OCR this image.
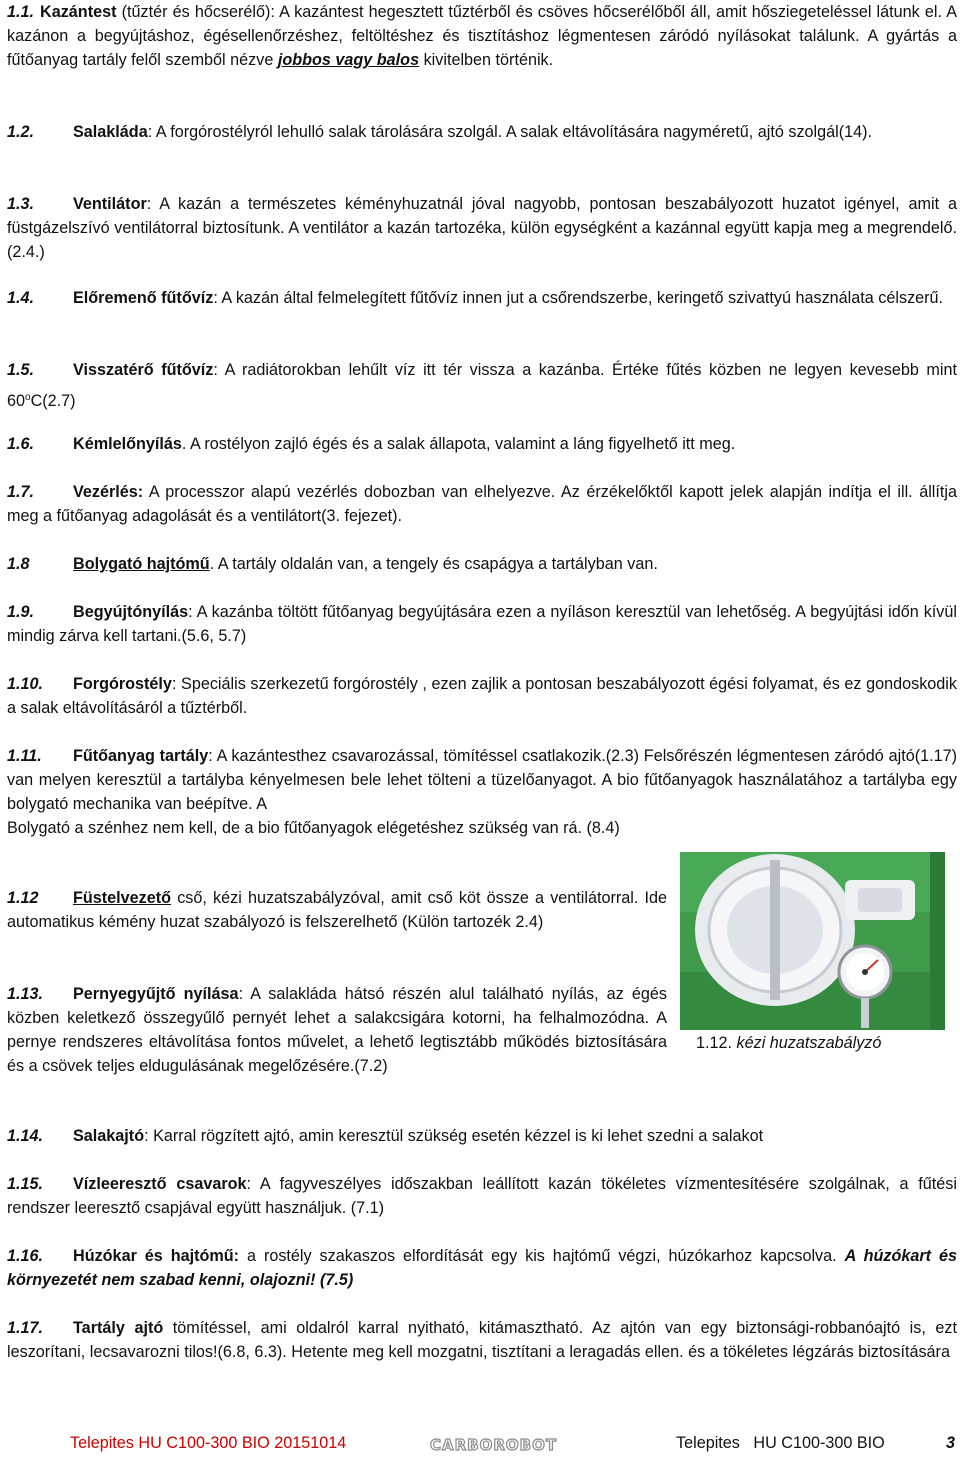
1.1. Kazántest (tűztér és hőcserélő): A kazántest hegesztett tűztérből és csöves hőcserélőből áll, amit hősziegeteléssel látunk el. A kazánon a begyújtáshoz, égésellenőrzéshez, feltöltéshez és tisztításhoz légmentesen záródó nyílásokat találunk. A gyártás a fűtőanyag tartály felől szemből nézve jobbos vagy balos kivitelben történik.
1.2. Salakláda: A forgórostélyról lehulló salak tárolására szolgál. A salak eltávolítására nagyméretű, ajtó szolgál(14).
1.3. Ventilátor: A kazán a természetes kéményhuzatnál jóval nagyobb, pontosan beszabályozott huzatot igényel, amit a füstgázelszívó ventilátorral biztosítunk. A ventilátor a kazán tartozéka, külön egységként a kazánnal együtt kapja meg a megrendelő.(2.4.)
1.4. Előremenő fűtővíz: A kazán által felmelegített fűtővíz innen jut a csőrendszerbe, keringető szivattyú használata célszerű.
1.5. Visszatérő fűtővíz: A radiátorokban lehűlt víz itt tér vissza a kazánba. Értéke fűtés közben ne legyen kevesebb mint 60$^o$C(2.7)
1.6. Kémlelőnyílás. A rostélyon zajló égés és a salak állapota, valamint a láng figyelhető itt meg.
1.7. Vezérlés: A processzor alapú vezérlés dobozban van elhelyezve. Az érzékelőktől kapott jelek alapján indítja el ill. állítja meg a fűtőanyag adagolását és a ventilátort(3. fejezet).
1.8	Bolygató hajtómű. A tartály oldalán van, a tengely és csapágya a tartályban van.
1.9. Begyújtónyílás: A kazánba töltött fűtőanyag begyújtására ezen a nyíláson keresztül van lehetőség. A begyújtási időn kívül mindig zárva kell tartani.(5.6, 5.7)
1.10. Forgórostély: Speciális szerkezetű forgórostély , ezen zajlik a pontosan beszabályozott égési folyamat, és ez gondoskodik a salak eltávolításáról a tűztérből.
1.11. Fűtőanyag tartály: A kazántesthez csavarozással, tömítéssel csatlakozik.(2.3) Felsőrészén légmentesen záródó ajtó(1.17) van melyen keresztül a tartályba kényelmesen bele lehet tölteni a tüzelőanyagot. A bio fűtőanyagok használatához a tartályba egy bolygató mechanika van beépítve. A
Bolygató a szénhez nem kell, de a bio fűtőanyagok elégetéshez szükség van rá. (8.4)
1.12 Füstelvezető cső, kézi huzatszabályzóval, amit cső köt össze a ventilátorral. Ide automatikus kémény huzat szabályozó is felszerelhető (Külön tartozék 2.4)
1.13. Pernyegyűjtő nyílása: A salakláda hátsó részén alul található nyílás, az égés közben keletkező összegyűlő pernyét lehet a salakcsigára kotorni, ha felhalmozódna. A pernye rendszeres eltávolítása fontos művelet, a lehető legtisztább működés biztosítására és a csövek teljes eldugulásának megelőzésére.(7.2)
1.14. Salakajtó: Karral rögzített ajtó, amin keresztül szükség esetén kézzel is ki lehet szedni a salakot
1.15. Vízleeresztő csavarok: A fagyveszélyes időszakban leállított kazán tökéletes vízmentesítésére szolgálnak, a fűtési rendszer leeresztő csapjával együtt használjuk. (7.1)
1.16. Húzókar és hajtómű: a rostély szakaszos elfordítását egy kis hajtómű végzi, húzókarhoz kapcsolva. A húzókart és környezetét nem szabad kenni, olajozni! (7.5)
1.17. Tartály ajtó tömítéssel, ami oldalról karral nyitható, kitámasztható. Az ajtón van egy biztonsági-robbanóajtó is, ezt leszorítani, lecsavarozni tilos!(6.8, 6.3). Hetente meg kell mozgatni, tisztítani a leragadás ellen. és a tökéletes légzárás biztosítására
1.12. kézi huzatszabályzó
Telepites HU C100-300 BIO 20151014	CARBOROBOT	Telepites   HU C100-300 BIO	3
